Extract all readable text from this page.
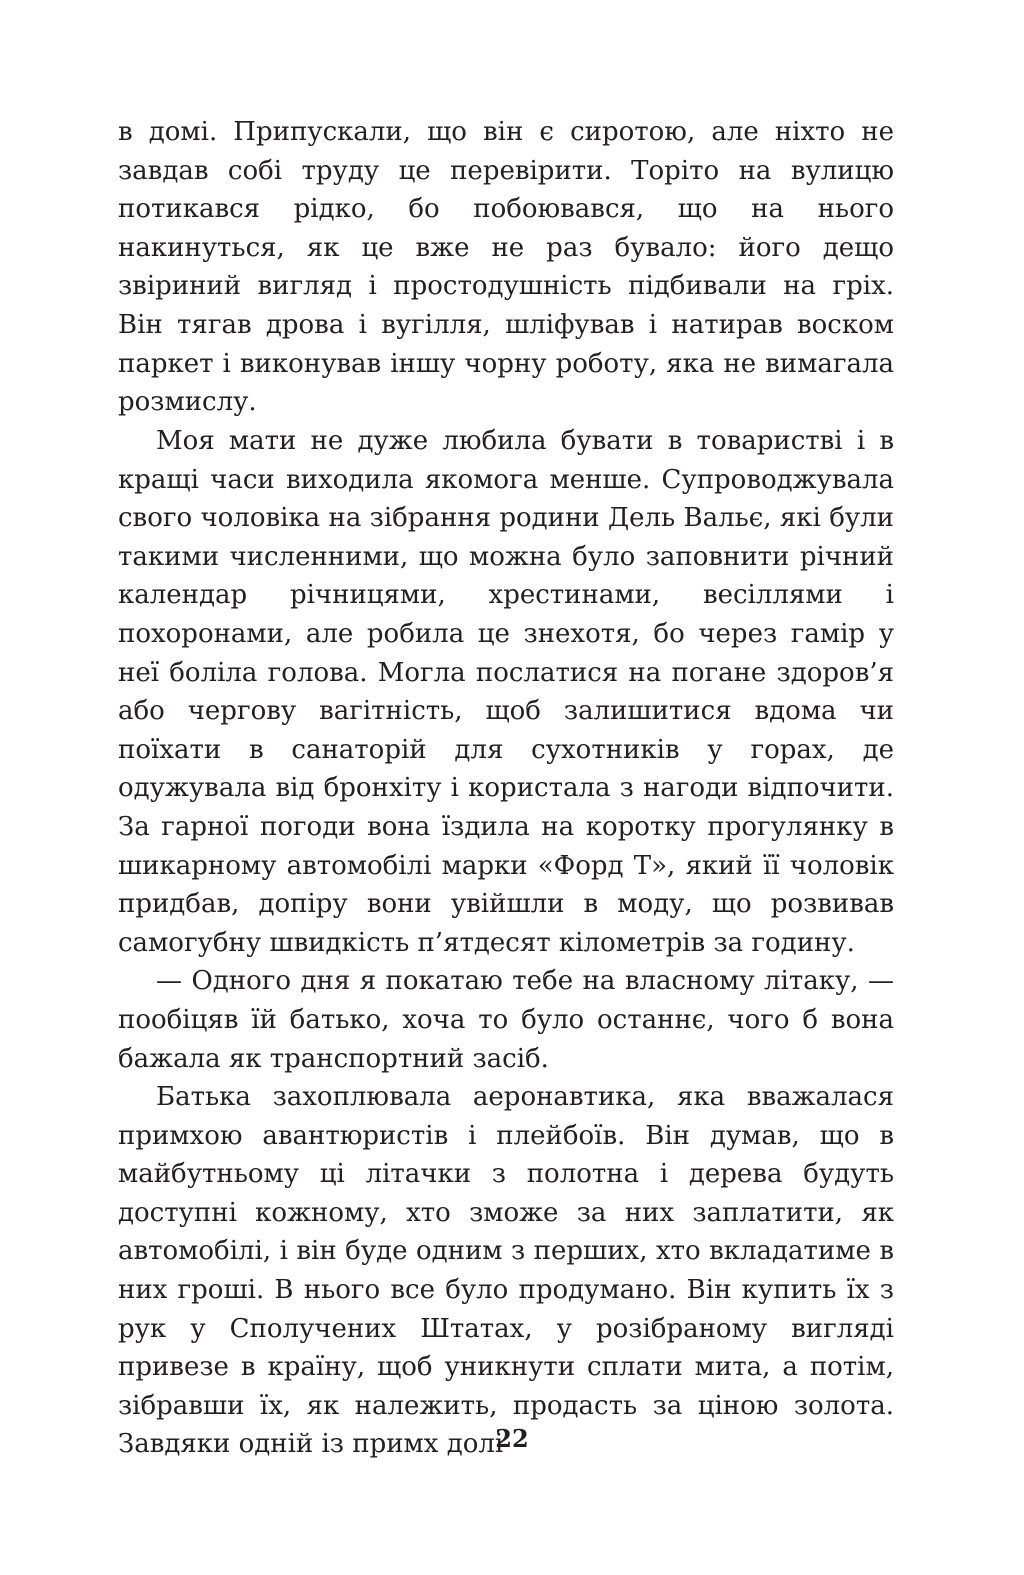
в домі. Припускали, що він є сиротою, але ніхто не завдав собі труду це перевірити. Торіто на вулицю потикався рідко, бо побоювався, що на нього накинуться, як це вже не раз бувало: його дещо звіриний вигляд і простодушність підбивали на гріх. Він тягав дрова і вугілля, шліфував і натирав воском паркет і виконував іншу чорну роботу, яка не вимагала розмислу.

Моя мати не дуже любила бувати в товаристві і в кращі часи виходила якомога менше. Супроводжувала свого чоловіка на зібрання родини Дель Вальє, які були такими численними, що можна було заповнити річний календар річницями, хрестинами, весіллями і похоронами, але робила це знехотя, бо через гамір у неї боліла голова. Могла послатися на погане здоров’я або чергову вагітність, щоб залишитися вдома чи поїхати в санаторій для сухотників у горах, де одужувала від бронхіту і користала з нагоди відпочити. За гарної погоди вона їздила на коротку прогулянку в шикарному автомобілі марки «Форд Т», який її чоловік придбав, допіру вони увійшли в моду, що розвивав самогубну швидкість п’ятдесят кілометрів за годину.

— Одного дня я покатаю тебе на власному літаку, — пообіцяв їй батько, хоча то було останнє, чого б вона бажала як транспортний засіб.

Батька захоплювала аеронавтика, яка вважалася примхою авантюристів і плейбоїв. Він думав, що в майбутньому ці літачки з полотна і дерева будуть доступні кожному, хто зможе за них заплатити, як автомобілі, і він буде одним з перших, хто вкладатиме в них гроші. В нього все було продумано. Він купить їх з рук у Сполучених Штатах, у розібраному вигляді привезе в країну, щоб уникнути сплати мита, а потім, зібравши їх, як належить, продасть за ціною золота. Завдяки одній із примх долі

22
